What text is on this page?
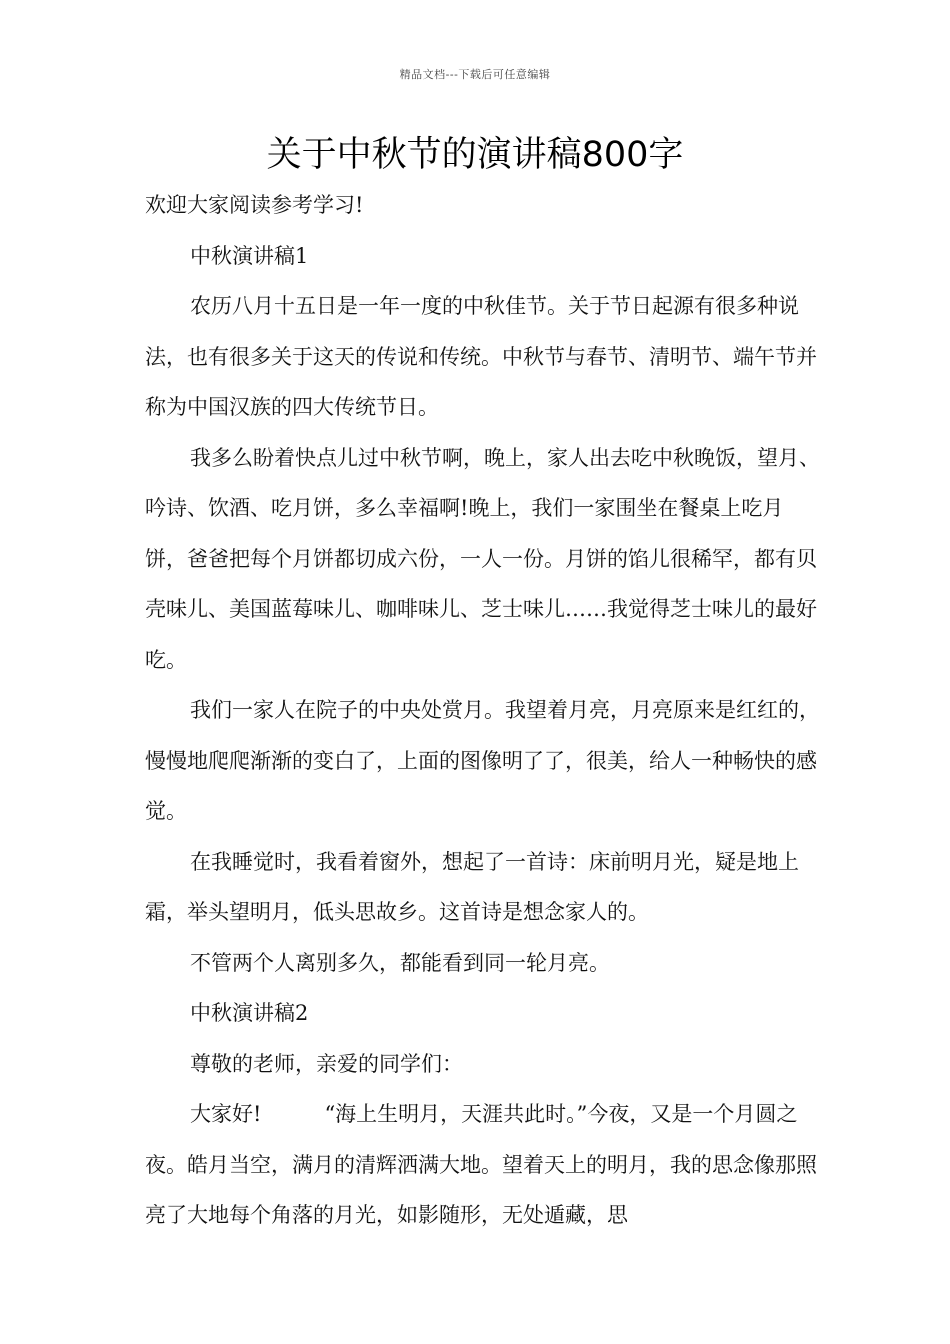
精品文档---下载后可任意编辑
关于中秋节的演讲稿800字

欢迎大家阅读参考学习!

中秋演讲稿1

农历八月十五日是一年一度的中秋佳节。关于节日起源有很多种说法，也有很多关于这天的传说和传统。中秋节与春节、清明节、端午节并称为中国汉族的四大传统节日。

我多么盼着快点儿过中秋节啊，晚上，家人出去吃中秋晚饭，望月、吟诗、饮酒、吃月饼，多么幸福啊!晚上，我们一家围坐在餐桌上吃月饼，爸爸把每个月饼都切成六份，一人一份。月饼的馅儿很稀罕，都有贝壳味儿、美国蓝莓味儿、咖啡味儿、芝士味儿……我觉得芝士味儿的最好吃。

我们一家人在院子的中央处赏月。我望着月亮，月亮原来是红红的，慢慢地爬爬渐渐的变白了，上面的图像明了了，很美，给人一种畅快的感觉。

在我睡觉时，我看着窗外，想起了一首诗：床前明月光，疑是地上霜，举头望明月，低头思故乡。这首诗是想念家人的。

不管两个人离别多久，都能看到同一轮月亮。

中秋演讲稿2

尊敬的老师，亲爱的同学们：

大家好!　　　“海上生明月，天涯共此时。”今夜，又是一个月圆之夜。皓月当空，满月的清辉洒满大地。望着天上的明月，我的思念像那照亮了大地每个角落的月光，如影随形，无处遁藏，思
